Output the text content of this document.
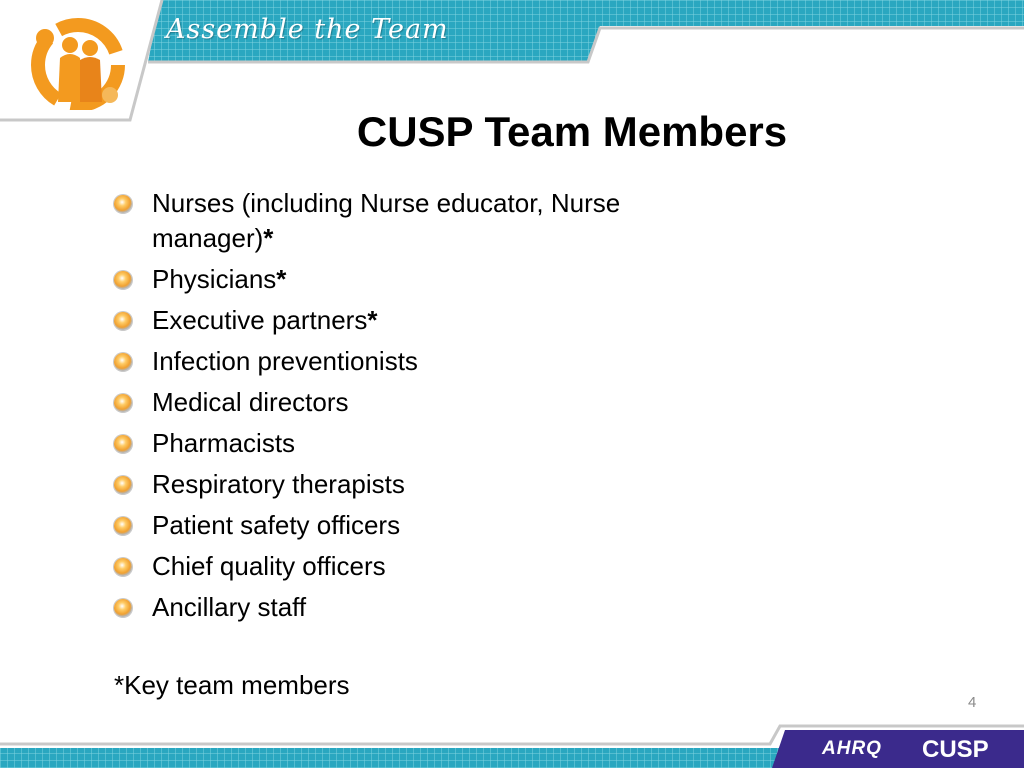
Assemble the Team
CUSP Team Members
Nurses (including Nurse educator, Nurse manager)*
Physicians*
Executive partners*
Infection preventionists
Medical directors
Pharmacists
Respiratory therapists
Patient safety officers
Chief quality officers
Ancillary staff
*Key team members
4
AHRQ CUSP
